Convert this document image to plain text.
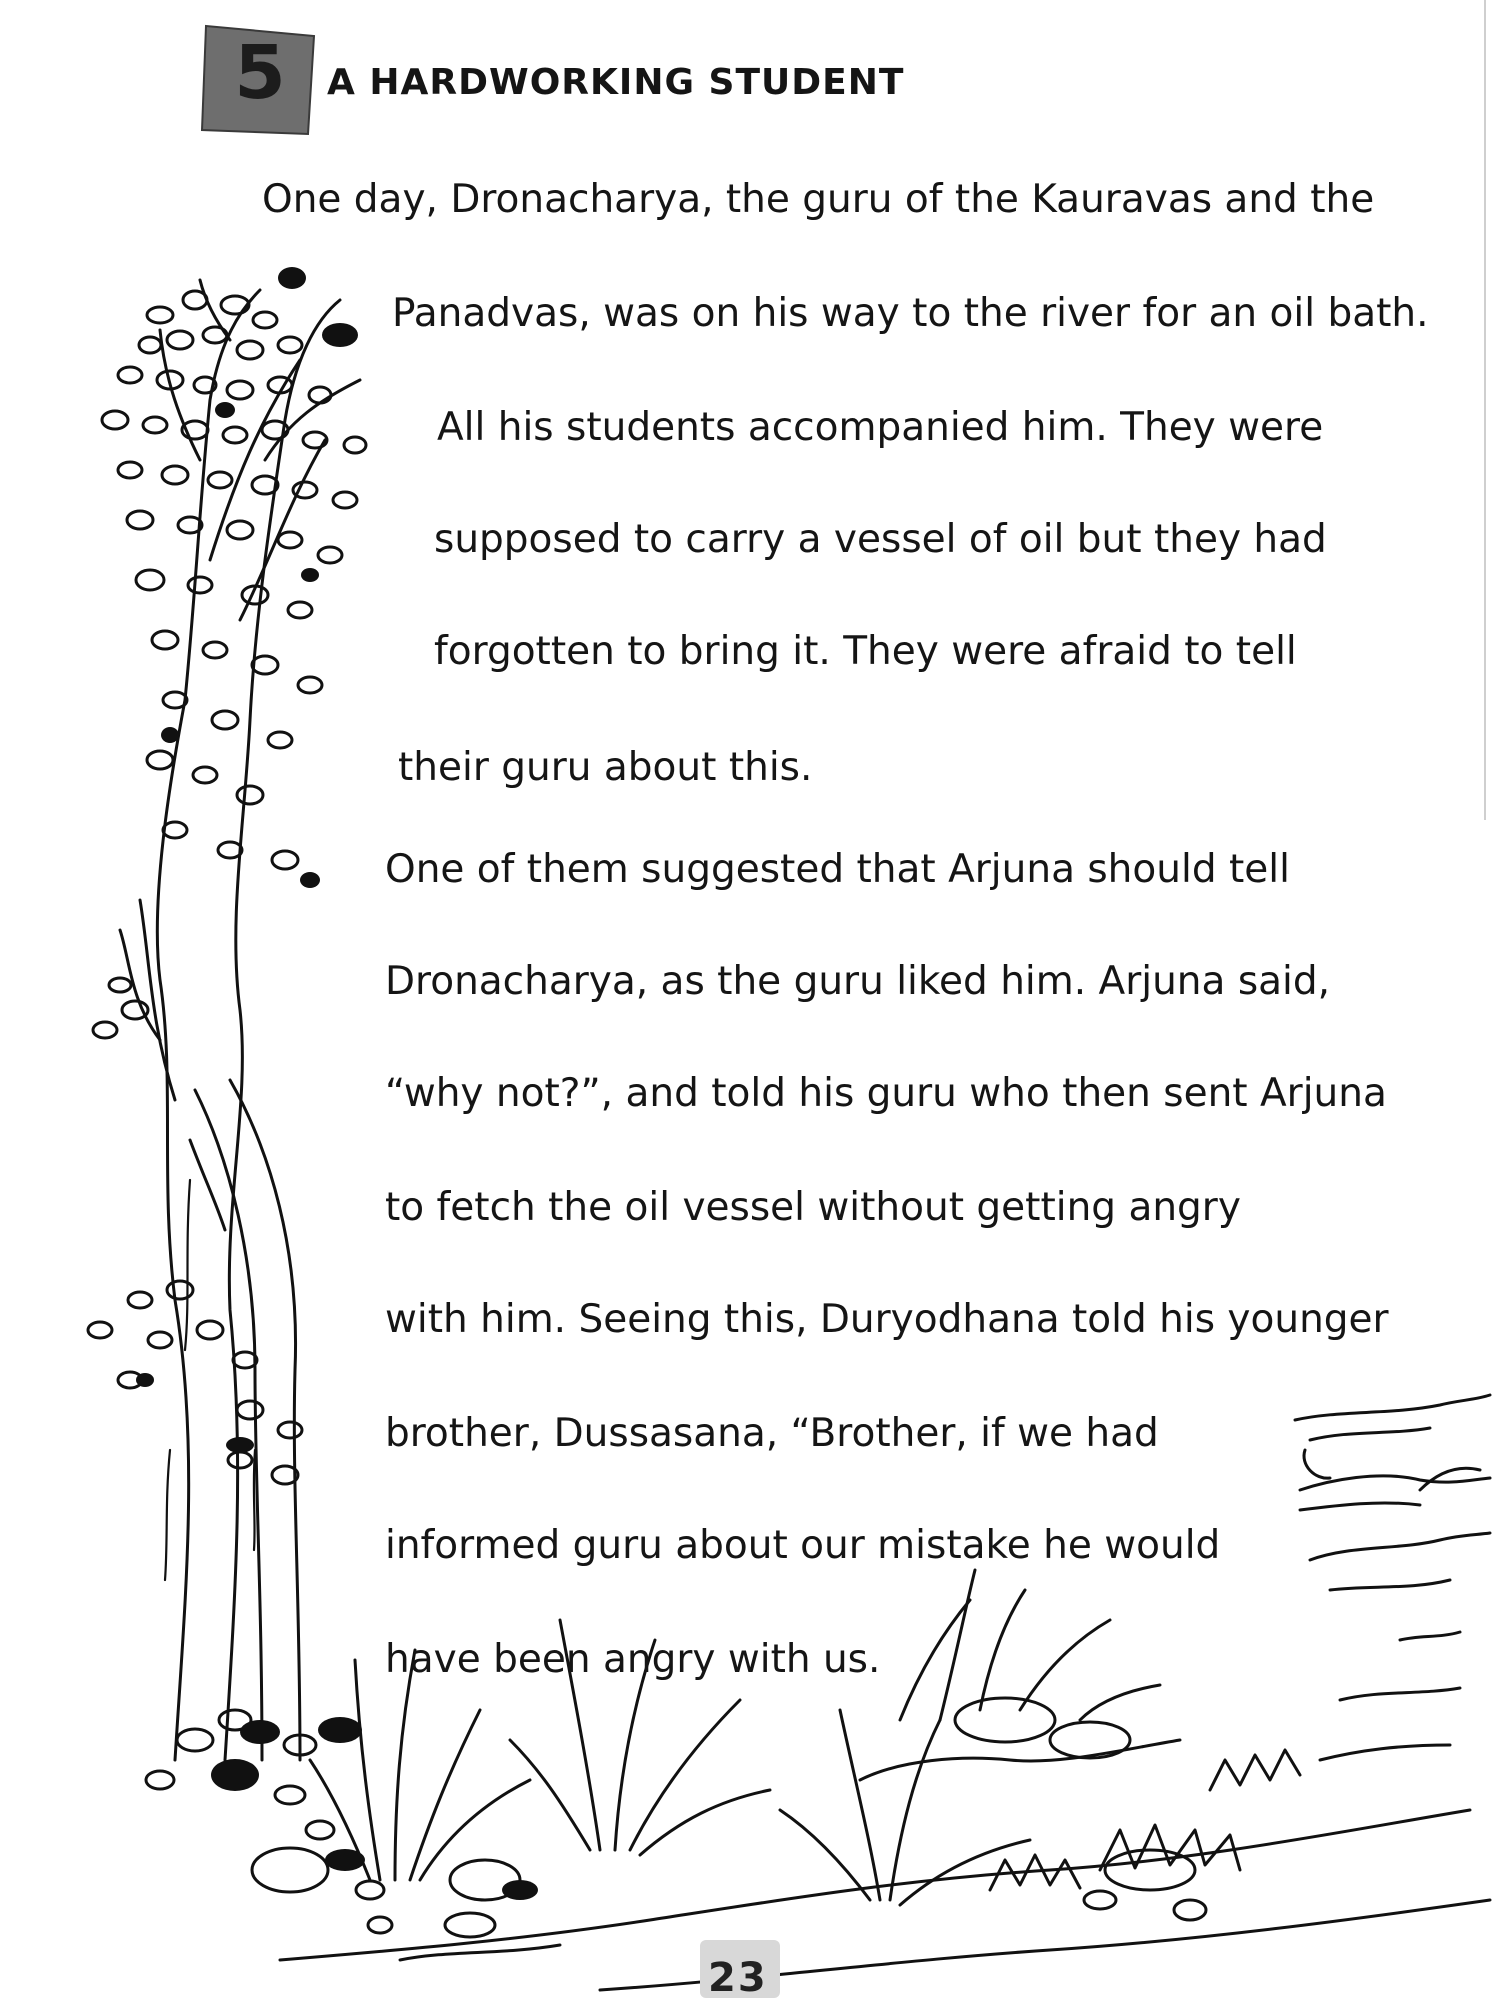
5	A HARDWORKING STUDENT
One day, Dronacharya, the guru of the Kauravas and the
Panadvas, was on his way to the river for an oil bath.
All his students accompanied him. They were
supposed to carry a vessel of oil but they had
forgotten to bring it. They were afraid to tell
their guru about this.
One of them suggested that Arjuna should tell
Dronacharya, as the guru liked him. Arjuna said,
“why not?”, and told his guru who then sent Arjuna
to fetch the oil vessel without getting angry
with him. Seeing this, Duryodhana told his younger
brother, Dussasana, “Brother, if we had
informed guru about our mistake he would
have been angry with us.
23
